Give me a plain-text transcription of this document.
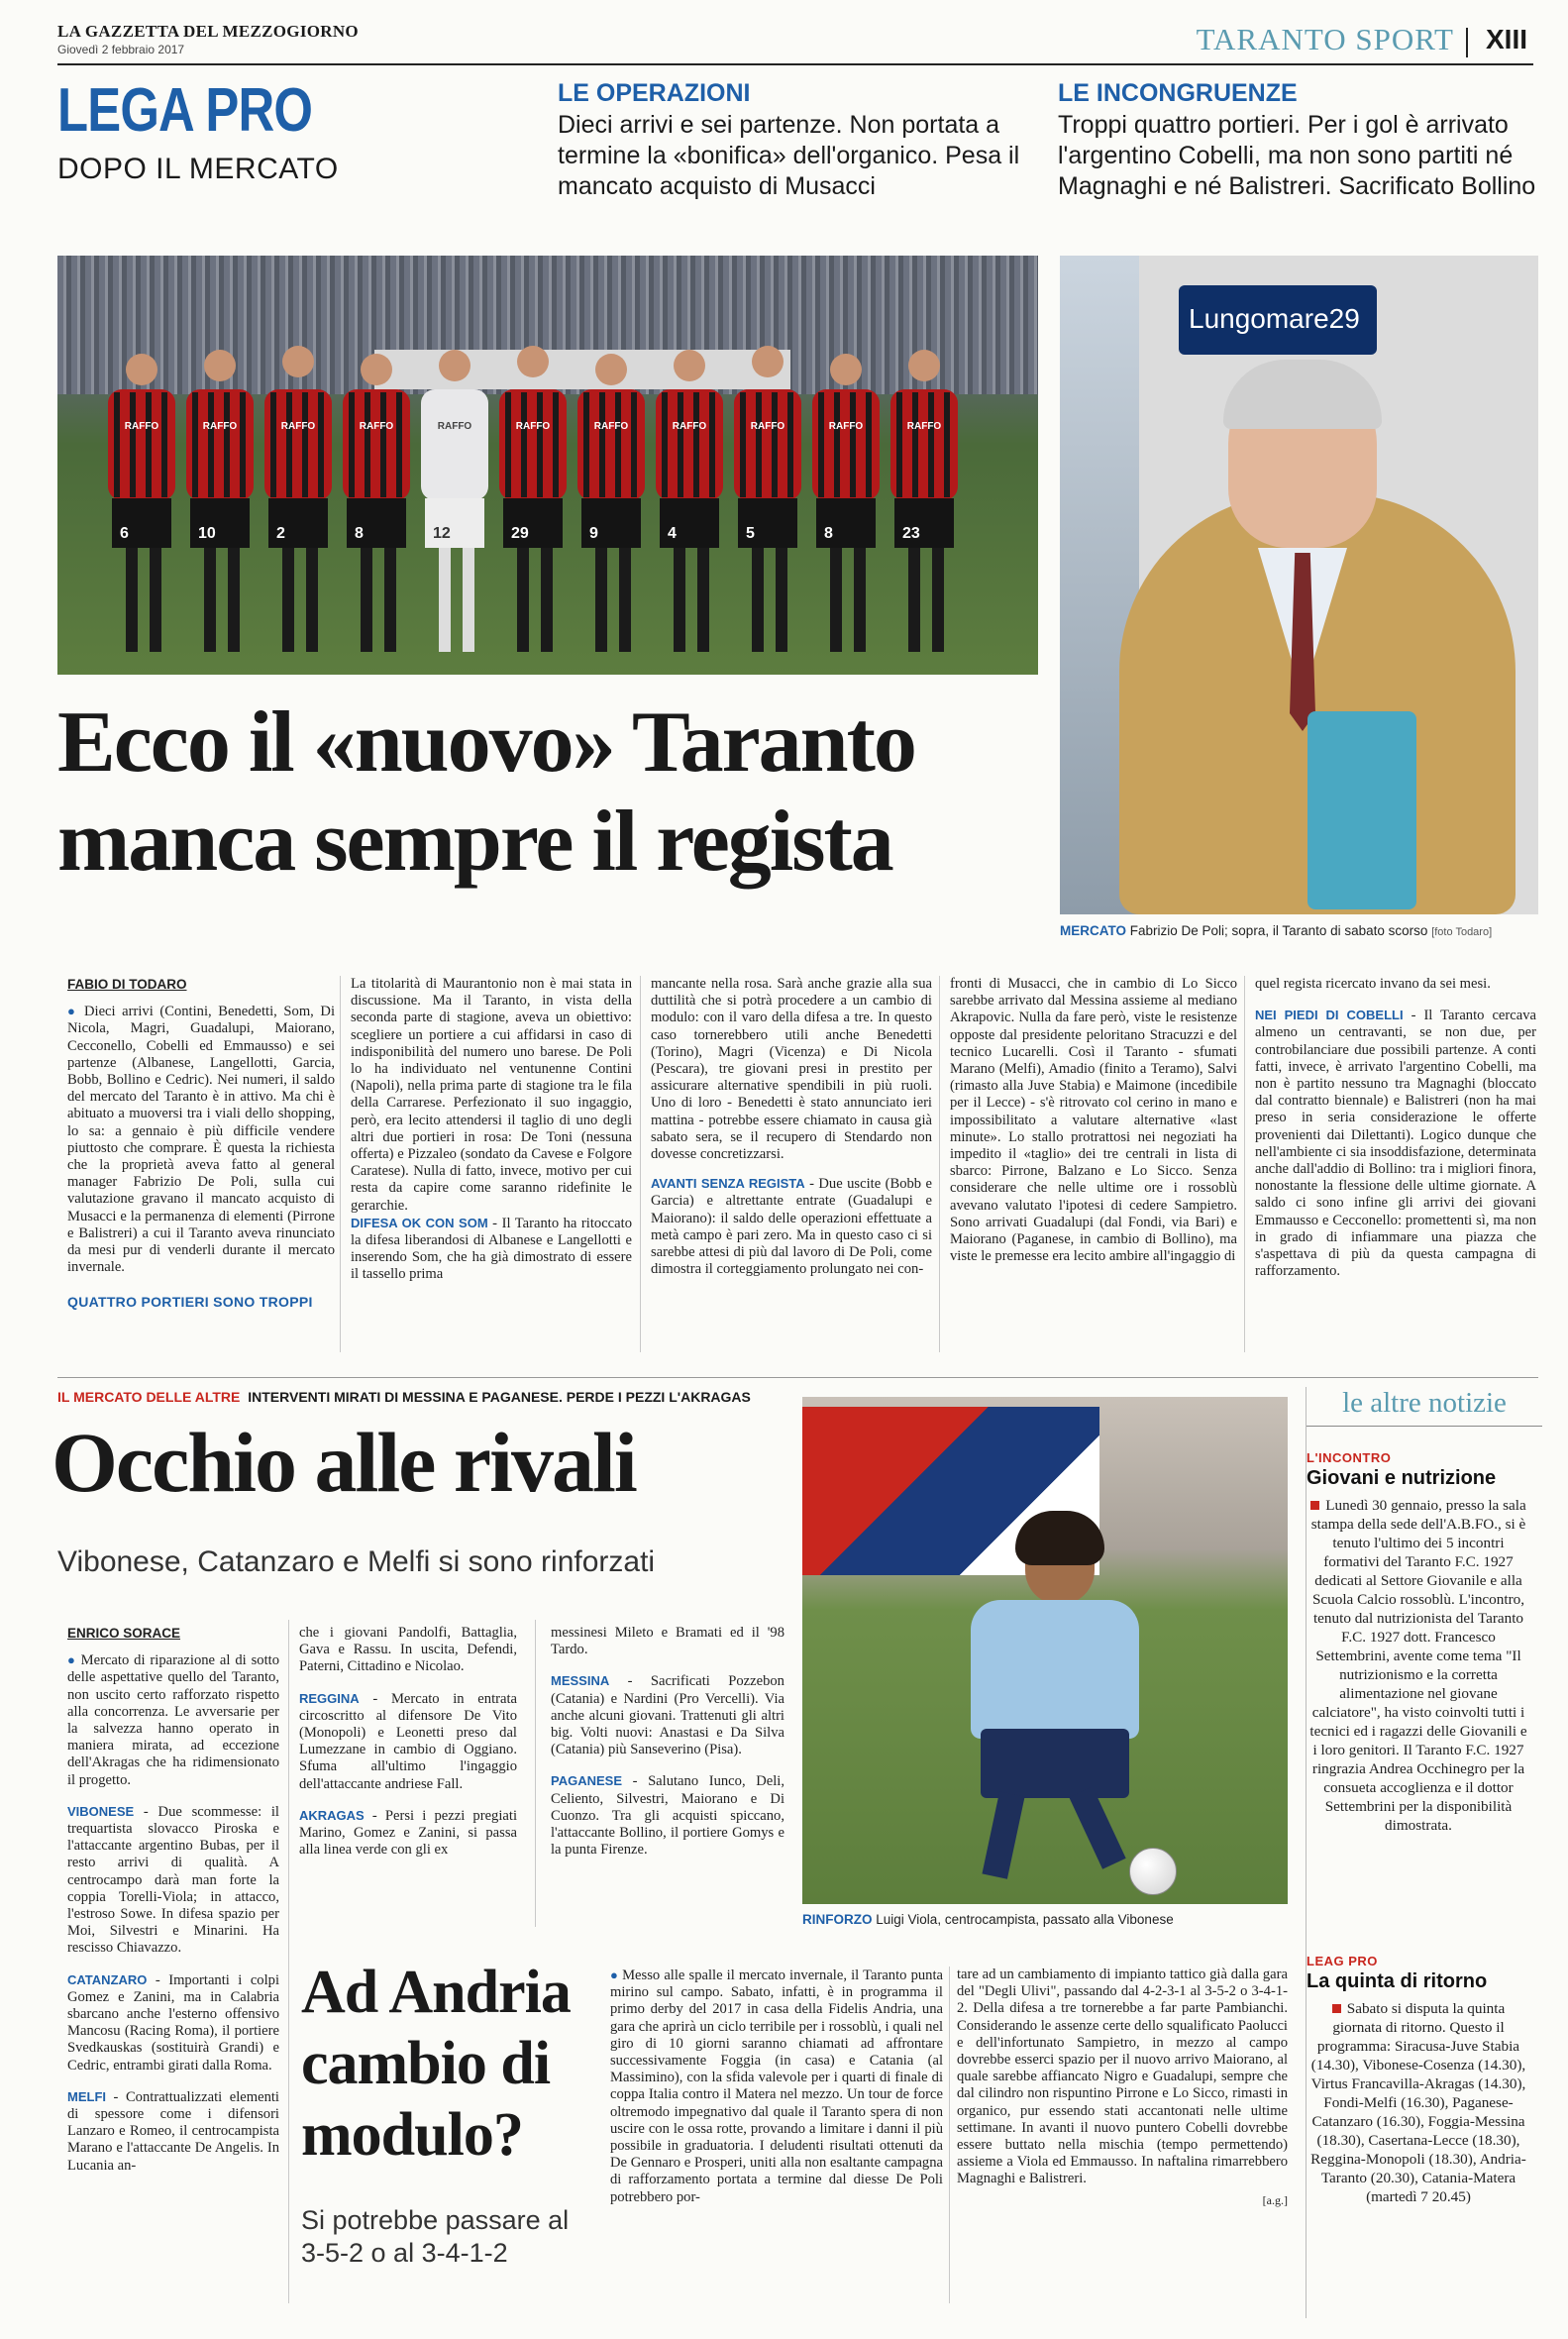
LA GAZZETTA DEL MEZZOGIORNO
Giovedì 2 febbraio 2017	TARANTO SPORT XIII
LEGA PRO
DOPO IL MERCATO
LE OPERAZIONI
Dieci arrivi e sei partenze. Non portata a termine la «bonifica» dell'organico. Pesa il mancato acquisto di Musacci
LE INCONGRUENZE
Troppi quattro portieri. Per i gol è arrivato l'argentino Cobelli, ma non sono partiti né Magnaghi e né Balistreri. Sacrificato Bollino
RAFFO
6
RAFFO
10
RAFFO
2
RAFFO
8
RAFFO
12
RAFFO
29
RAFFO
9
RAFFO
4
RAFFO
5
RAFFO
8
RAFFO
23
Lungomare29
MERCATO Fabrizio De Poli; sopra, il Taranto di sabato scorso [foto Todaro]
Ecco il «nuovo» Taranto
manca sempre il regista
FABIO DI TODARO

● Dieci arrivi (Contini, Benedetti, Som, Di Nicola, Magri, Guadalupi, Maiorano, Cecconello, Cobelli ed Emmausso) e sei partenze (Albanese, Langellotti, Garcia, Bobb, Bollino e Cedric). Nei numeri, il saldo del mercato del Taranto è in attivo. Ma chi è abituato a muoversi tra i viali dello shopping, lo sa: a gennaio è più difficile vendere piuttosto che comprare. È questa la richiesta che la proprietà aveva fatto al general manager Fabrizio De Poli, sulla cui valutazione gravano il mancato acquisto di Musacci e la permanenza di elementi (Pirrone e Balistreri) a cui il Taranto aveva rinunciato da mesi pur di venderli durante il mercato invernale.

QUATTRO PORTIERI SONO TROPPI

La titolarità di Maurantonio non è mai stata in discussione. Ma il Taranto, in vista della seconda parte di stagione, aveva un obiettivo: scegliere un portiere a cui affidarsi in caso di indisponibilità del numero uno barese. De Poli lo ha individuato nel ventunenne Contini (Napoli), nella prima parte di stagione tra le fila della Carrarese. Perfezionato il suo ingaggio, però, era lecito attendersi il taglio di uno degli altri due portieri in rosa: De Toni (nessuna offerta) e Pizzaleo (sondato da Cavese e Folgore Caratese). Nulla di fatto, invece, motivo per cui resta da capire come saranno ridefinite le gerarchie.

DIFESA OK CON SOM - Il Taranto ha ritoccato la difesa liberandosi di Albanese e Langellotti e inserendo Som, che ha già dimostrato di essere il tassello prima

mancante nella rosa. Sarà anche grazie alla sua duttilità che si potrà procedere a un cambio di modulo: con il varo della difesa a tre. In questo caso tornerebbero utili anche Benedetti (Torino), Magri (Vicenza) e Di Nicola (Pescara), tre giovani presi in prestito per assicurare alternative spendibili in più ruoli. Uno di loro - Benedetti è stato annunciato ieri mattina - potrebbe essere chiamato in causa già sabato sera, se il recupero di Stendardo non dovesse concretizzarsi.

AVANTI SENZA REGISTA - Due uscite (Bobb e Garcia) e altrettante entrate (Guadalupi e Maiorano): il saldo delle operazioni effettuate a metà campo è pari zero. Ma in questo caso ci si sarebbe attesi di più dal lavoro di De Poli, come dimostra il corteggiamento prolungato nei con-

fronti di Musacci, che in cambio di Lo Sicco sarebbe arrivato dal Messina assieme al mediano Akrapovic. Nulla da fare però, viste le resistenze opposte dal presidente peloritano Stracuzzi e del tecnico Lucarelli. Così il Taranto - sfumati Marano (Melfi), Amadio (finito a Teramo), Salvi (rimasto alla Juve Stabia) e Maimone (incedibile per il Lecce) - s'è ritrovato col cerino in mano e impossibilitato a valutare alternative «last minute». Lo stallo protrattosi nei negoziati ha impedito il «taglio» dei tre centrali in lista di sbarco: Pirrone, Balzano e Lo Sicco. Senza considerare che nelle ultime ore i rossoblù avevano valutato l'ipotesi di cedere Sampietro. Sono arrivati Guadalupi (dal Fondi, via Bari) e Maiorano (Paganese, in cambio di Bollino), ma viste le premesse era lecito ambire all'ingaggio di

quel regista ricercato invano da sei mesi.

NEI PIEDI DI COBELLI - Il Taranto cercava almeno un centravanti, se non due, per controbilanciare due possibili partenze. A conti fatti, invece, è arrivato l'argentino Cobelli, ma non è partito nessuno tra Magnaghi (bloccato dal contratto biennale) e Balistreri (non ha mai preso in seria considerazione le offerte provenienti dai Dilettanti). Logico dunque che nell'ambiente ci sia insoddisfazione, determinata anche dall'addio di Bollino: tra i migliori finora, nonostante la flessione delle ultime giornate. A saldo ci sono infine gli arrivi dei giovani Emmausso e Cecconello: promettenti sì, ma non in grado di infiammare una piazza che s'aspettava di più da questa campagna di rafforzamento.

IL MERCATO DELLE ALTRE INTERVENTI MIRATI DI MESSINA E PAGANESE. PERDE I PEZZI L'AKRAGAS
Occhio alle rivali
Vibonese, Catanzaro e Melfi si sono rinforzati
ENRICO SORACE

● Mercato di riparazione al di sotto delle aspettative quello del Taranto, non uscito certo rafforzato rispetto alla concorrenza. Le avversarie per la salvezza hanno operato in maniera mirata, ad eccezione dell'Akragas che ha ridimensionato il progetto.

VIBONESE - Due scommesse: il trequartista slovacco Piroska e l'attaccante argentino Bubas, per il resto arrivi di qualità. A centrocampo darà man forte la coppia Torelli-Viola; in attacco, l'estroso Sowe. In difesa spazio per Moi, Silvestri e Minarini. Ha rescisso Chiavazzo.

CATANZARO - Importanti i colpi Gomez e Zanini, ma in Calabria sbarcano anche l'esterno offensivo Mancosu (Racing Roma), il portiere Svedkauskas (sostituirà Grandi) e Cedric, entrambi girati dalla Roma.

MELFI - Contrattualizzati elementi di spessore come i difensori Lanzaro e Romeo, il centrocampista Marano e l'attaccante De Angelis. In Lucania an-

che i giovani Pandolfi, Battaglia, Gava e Rassu. In uscita, Defendi, Paterni, Cittadino e Nicolao.

REGGINA - Mercato in entrata circoscritto al difensore De Vito (Monopoli) e Leonetti preso dal Lumezzane in cambio di Oggiano. Sfuma all'ultimo l'ingaggio dell'attaccante andriese Fall.

AKRAGAS - Persi i pezzi pregiati Marino, Gomez e Zanini, si passa alla linea verde con gli ex

messinesi Mileto e Bramati ed il '98 Tardo.

MESSINA - Sacrificati Pozzebon (Catania) e Nardini (Pro Vercelli). Via anche alcuni giovani. Trattenuti gli altri big. Volti nuovi: Anastasi e Da Silva (Catania) più Sanseverino (Pisa).

PAGANESE - Salutano Iunco, Deli, Celiento, Silvestri, Maiorano e Di Cuonzo. Tra gli acquisti spiccano, l'attaccante Bollino, il portiere Gomys e la punta Firenze.

RINFORZO Luigi Viola, centrocampista, passato alla Vibonese
Ad Andria cambio di modulo?
Si potrebbe passare al 3-5-2 o al 3-4-1-2

● Messo alle spalle il mercato invernale, il Taranto punta mirino sul campo. Sabato, infatti, è in programma il primo derby del 2017 in casa della Fidelis Andria, una gara che aprirà un ciclo terribile per i rossoblù, i quali nel giro di 10 giorni saranno chiamati ad affrontare successivamente Foggia (in casa) e Catania (al Massimino), con la sfida valevole per i quarti di finale di coppa Italia contro il Matera nel mezzo. Un tour de force oltremodo impegnativo dal quale il Taranto spera di non uscire con le ossa rotte, provando a limitare i danni il più possibile in graduatoria. I deludenti risultati ottenuti da De Gennaro e Prosperi, uniti alla non esaltante campagna di rafforzamento portata a termine dal diesse De Poli potrebbero por-

tare ad un cambiamento di impianto tattico già dalla gara del "Degli Ulivi", passando dal 4-2-3-1 al 3-5-2 o 3-4-1-2. Della difesa a tre tornerebbe a far parte Pambianchi. Considerando le assenze certe dello squalificato Paolucci e dell'infortunato Sampietro, in mezzo al campo dovrebbe esserci spazio per il nuovo arrivo Maiorano, al quale sarebbe affiancato Nigro e Guadalupi, sempre che dal cilindro non rispuntino Pirrone e Lo Sicco, rimasti in organico, pur essendo stati accantonati nelle ultime settimane. In avanti il nuovo puntero Cobelli dovrebbe essere buttato nella mischia (tempo permettendo) assieme a Viola ed Emmausso. In naftalina rimarrebbero Magnaghi e Balistreri.

[a.g.]
le altre notizie
L'INCONTRO
Giovani e nutrizione

Lunedì 30 gennaio, presso la sala stampa della sede dell'A.B.FO., si è tenuto l'ultimo dei 5 incontri formativi del Taranto F.C. 1927 dedicati al Settore Giovanile e alla Scuola Calcio rossoblù. L'incontro, tenuto dal nutrizionista del Taranto F.C. 1927 dott. Francesco Settembrini, avente come tema "Il nutrizionismo e la corretta alimentazione nel giovane calciatore", ha visto coinvolti tutti i tecnici ed i ragazzi delle Giovanili e i loro genitori. Il Taranto F.C. 1927 ringrazia Andrea Occhinegro per la consueta accoglienza e il dottor Settembrini per la disponibilità dimostrata.

LEAG PRO
La quinta di ritorno

Sabato si disputa la quinta giornata di ritorno. Questo il programma: Siracusa-Juve Stabia (14.30), Vibonese-Cosenza (14.30), Virtus Francavilla-Akragas (14.30), Fondi-Melfi (16.30), Paganese-Catanzaro (16.30), Foggia-Messina (18.30), Casertana-Lecce (18.30), Reggina-Monopoli (18.30), Andria-Taranto (20.30), Catania-Matera (martedì 7 20.45)
